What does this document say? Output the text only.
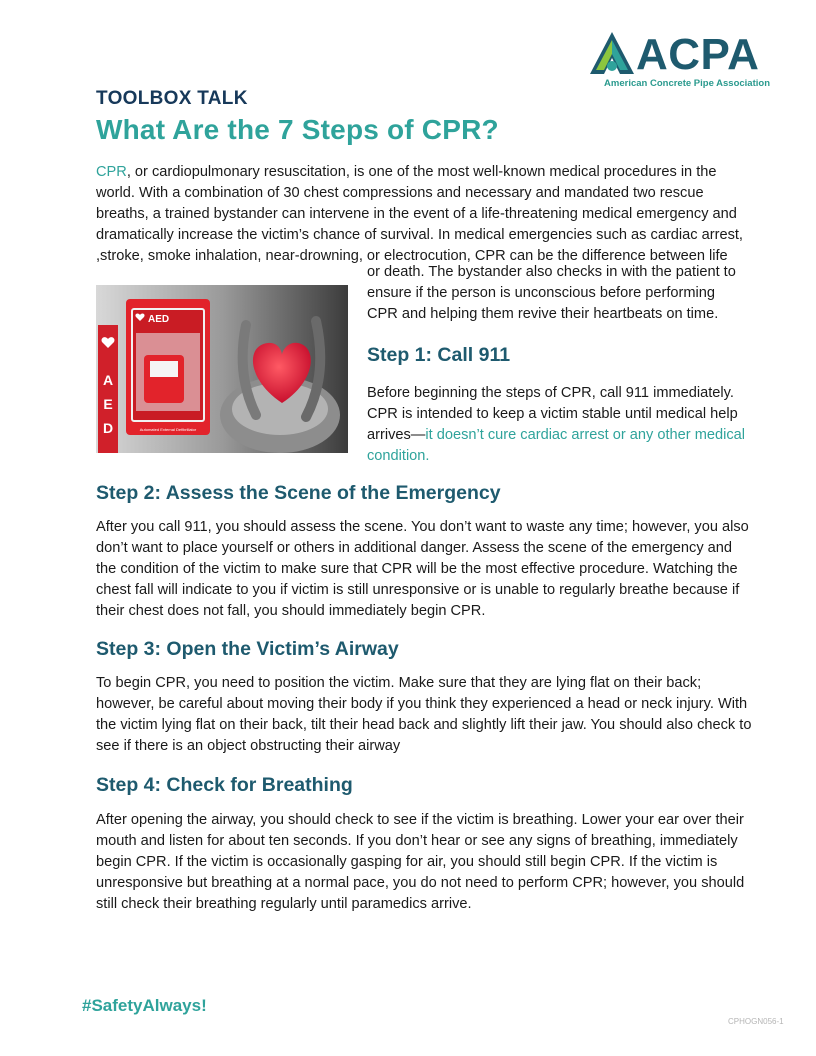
ACPA
American Concrete Pipe Association
TOOLBOX TALK
What Are the 7 Steps of CPR?

CPR, or cardiopulmonary resuscitation, is one of the most well-known medical procedures in the world. With a combination of 30 chest compressions and necessary and mandated two rescue breaths, a trained bystander can intervene in the event of a life-threatening medical emergency and dramatically increase the victim’s chance of survival. In medical emergencies such as cardiac arrest, ,stroke, smoke inhalation, near-drowning, or electrocution, CPR can be the difference between life

or death. The bystander also checks in with the patient to ensure if the person is unconscious before performing CPR and helping them revive their heartbeats on time.

A
E
D
AED
Automated External Defibrillator
Step 1: Call 911

Before beginning the steps of CPR, call 911 immediately. CPR is intended to keep a victim stable until medical help arrives—it doesn’t cure cardiac arrest or any other medical condition.

Step 2: Assess the Scene of the Emergency

After you call 911, you should assess the scene. You don’t want to waste any time; however, you also don’t want to place yourself or others in additional danger. Assess the scene of the emergency and the condition of the victim to make sure that CPR will be the most effective procedure. Watching the chest fall will indicate to you if victim is still unresponsive or is unable to regularly breathe because if their chest does not fall, you should immediately begin CPR.

Step 3: Open the Victim’s Airway

To begin CPR, you need to position the victim. Make sure that they are lying flat on their back; however, be careful about moving their body if you think they experienced a head or neck injury. With the victim lying flat on their back, tilt their head back and slightly lift their jaw. You should also check to see if there is an object obstructing their airway

Step 4: Check for Breathing

After opening the airway, you should check to see if the victim is breathing. Lower your ear over their mouth and listen for about ten seconds. If you don’t hear or see any signs of breathing, immediately begin CPR. If the victim is occasionally gasping for air, you should still begin CPR. If the victim is unresponsive but breathing at a normal pace, you do not need to perform CPR; however, you should still check their breathing regularly until paramedics arrive.

#SafetyAlways!
CPHOGN056-1
